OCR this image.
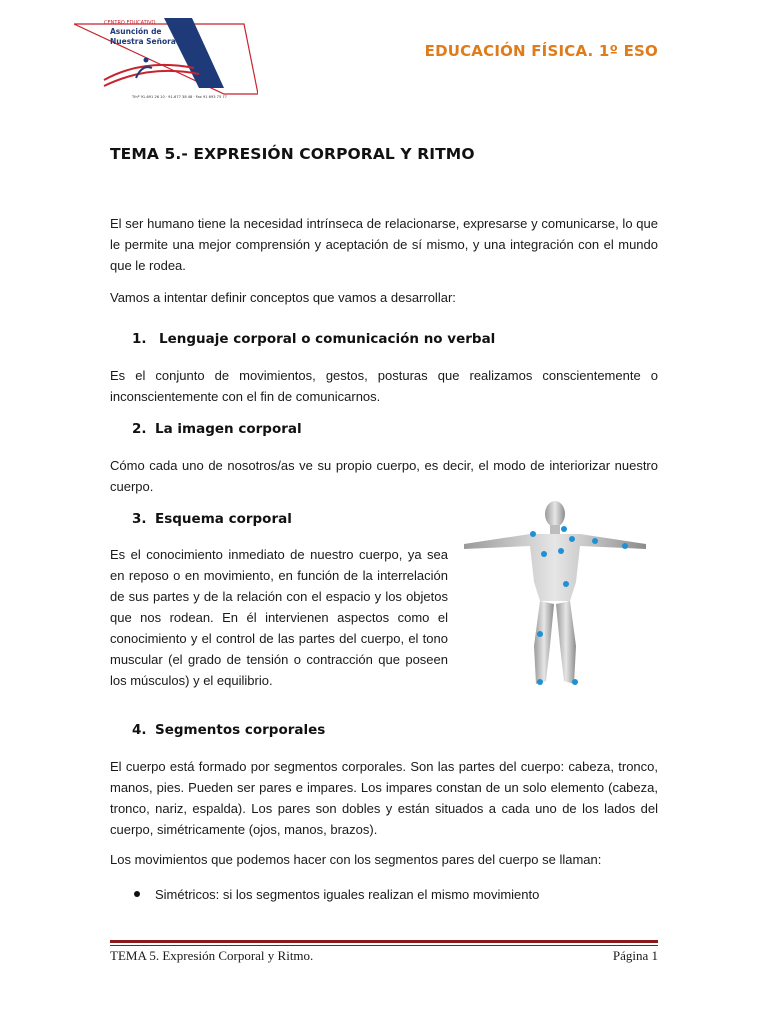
CENTRO EDUCATIVO
Asunción de
Nuestra Señora
Tfnº 91-691 26 10 · 91-677 38 48 · Fax 91 693 75 77
EDUCACIÓN FÍSICA. 1º ESO
TEMA 5.- EXPRESIÓN CORPORAL Y RITMO

El ser humano tiene la necesidad intrínseca de relacionarse, expresarse y comunicarse, lo que le permite una mejor comprensión y aceptación de sí mismo, y una integración con el mundo que le rodea.

Vamos a intentar definir conceptos que vamos a desarrollar:

1. Lenguaje corporal o comunicación no verbal

Es el conjunto de movimientos, gestos, posturas que realizamos conscientemente o inconscientemente con el fin de comunicarnos.

2. La imagen corporal

Cómo cada uno de nosotros/as ve su propio cuerpo, es decir, el modo de interiorizar nuestro cuerpo.

3. Esquema corporal

Es el conocimiento inmediato de nuestro cuerpo, ya sea en reposo o en movimiento, en función de la interrelación de sus partes y de la relación con el espacio y los objetos que nos rodean. En él intervienen aspectos como el conocimiento y el control de las partes del cuerpo, el tono muscular (el grado de tensión o contracción que poseen los músculos) y el equilibrio.

4. Segmentos corporales

El cuerpo está formado por segmentos corporales. Son las partes del cuerpo: cabeza, tronco, manos, pies. Pueden ser pares e impares. Los impares constan de un solo elemento (cabeza, tronco, nariz, espalda). Los pares son dobles y están situados a cada uno de los lados del cuerpo, simétricamente (ojos, manos, brazos).

Los movimientos que podemos hacer con los segmentos pares del cuerpo se llaman:

Simétricos: si los segmentos iguales realizan el mismo movimiento
TEMA 5. Expresión Corporal y Ritmo.	Página 1
